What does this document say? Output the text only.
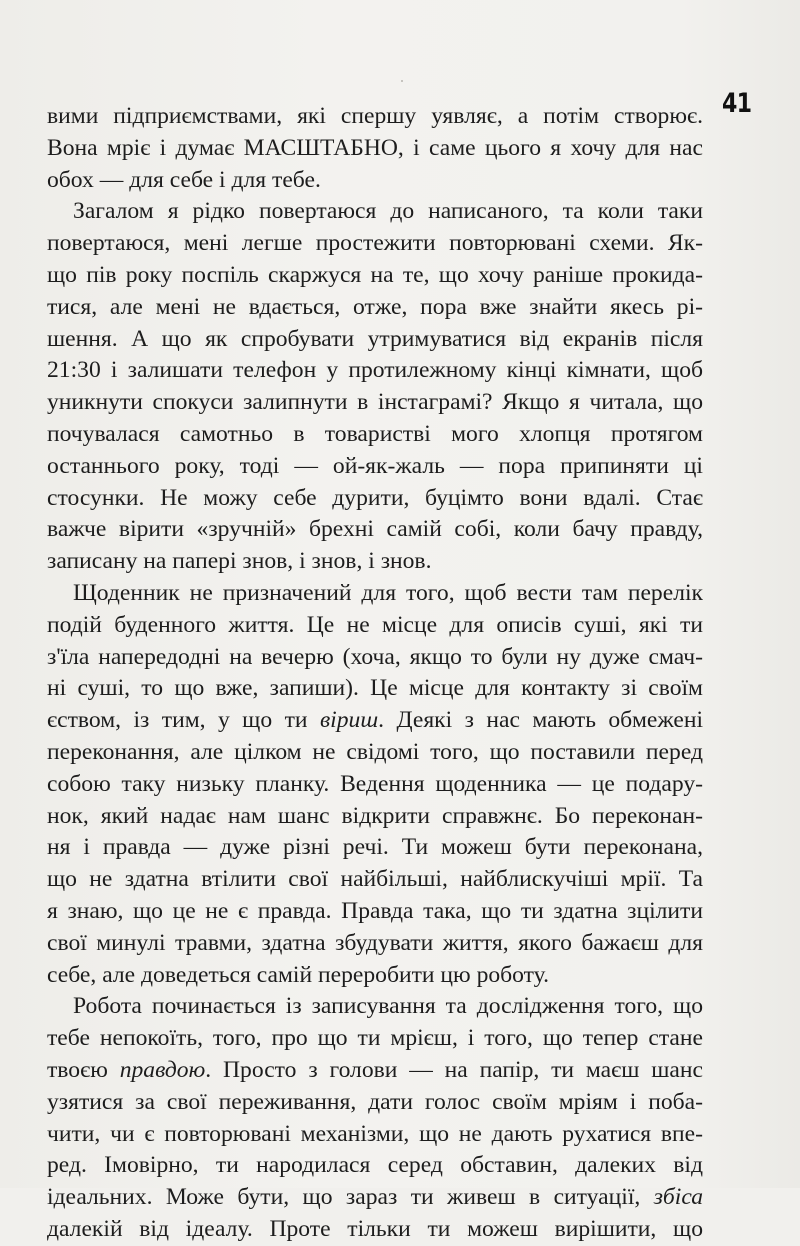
41

вими підприємствами, які спершу уявляє, а потім створює.
Вона мріє і думає МАСШТАБНО, і саме цього я хочу для нас
обох — для себе і для тебе.

Загалом я рідко повертаюся до написаного, та коли таки
повертаюся, мені легше простежити повторювані схеми. Як-
що пів року поспіль скаржуся на те, що хочу раніше прокида-
тися, але мені не вдається, отже, пора вже знайти якесь рі-
шення. А що як спробувати утримуватися від екранів після
21:30 і залишати телефон у протилежному кінці кімнати, щоб
уникнути спокуси залипнути в інстаграмі? Якщо я читала, що
почувалася самотньо в товаристві мого хлопця протягом
останнього року, тоді — ой-як-жаль — пора припиняти ці
стосунки. Не можу себе дурити, буцімто вони вдалі. Стає
важче вірити «зручній» брехні самій собі, коли бачу правду,
записану на папері знов, і знов, і знов.

Щоденник не призначений для того, щоб вести там перелік
подій буденного життя. Це не місце для описів суші, які ти
з'їла напередодні на вечерю (хоча, якщо то були ну дуже смач-
ні суші, то що вже, запиши). Це місце для контакту зі своїм
єством, із тим, у що ти віриш. Деякі з нас мають обмежені
переконання, але цілком не свідомі того, що поставили перед
собою таку низьку планку. Ведення щоденника — це подару-
нок, який надає нам шанс відкрити справжнє. Бо переконан-
ня і правда — дуже різні речі. Ти можеш бути переконана,
що не здатна втілити свої найбільші, найблискучіші мрії. Та
я знаю, що це не є правда. Правда така, що ти здатна зцілити
свої минулі травми, здатна збудувати життя, якого бажаєш для
себе, але доведеться самій переробити цю роботу.

Робота починається із записування та дослідження того, що
тебе непокоїть, того, про що ти мрієш, і того, що тепер стане
твоєю правдою. Просто з голови — на папір, ти маєш шанс
узятися за свої переживання, дати голос своїм мріям і поба-
чити, чи є повторювані механізми, що не дають рухатися впе-
ред. Імовірно, ти народилася серед обставин, далеких від
ідеальних. Може бути, що зараз ти живеш в ситуації, збіса
далекій від ідеалу. Проте тільки ти можеш вирішити, що
